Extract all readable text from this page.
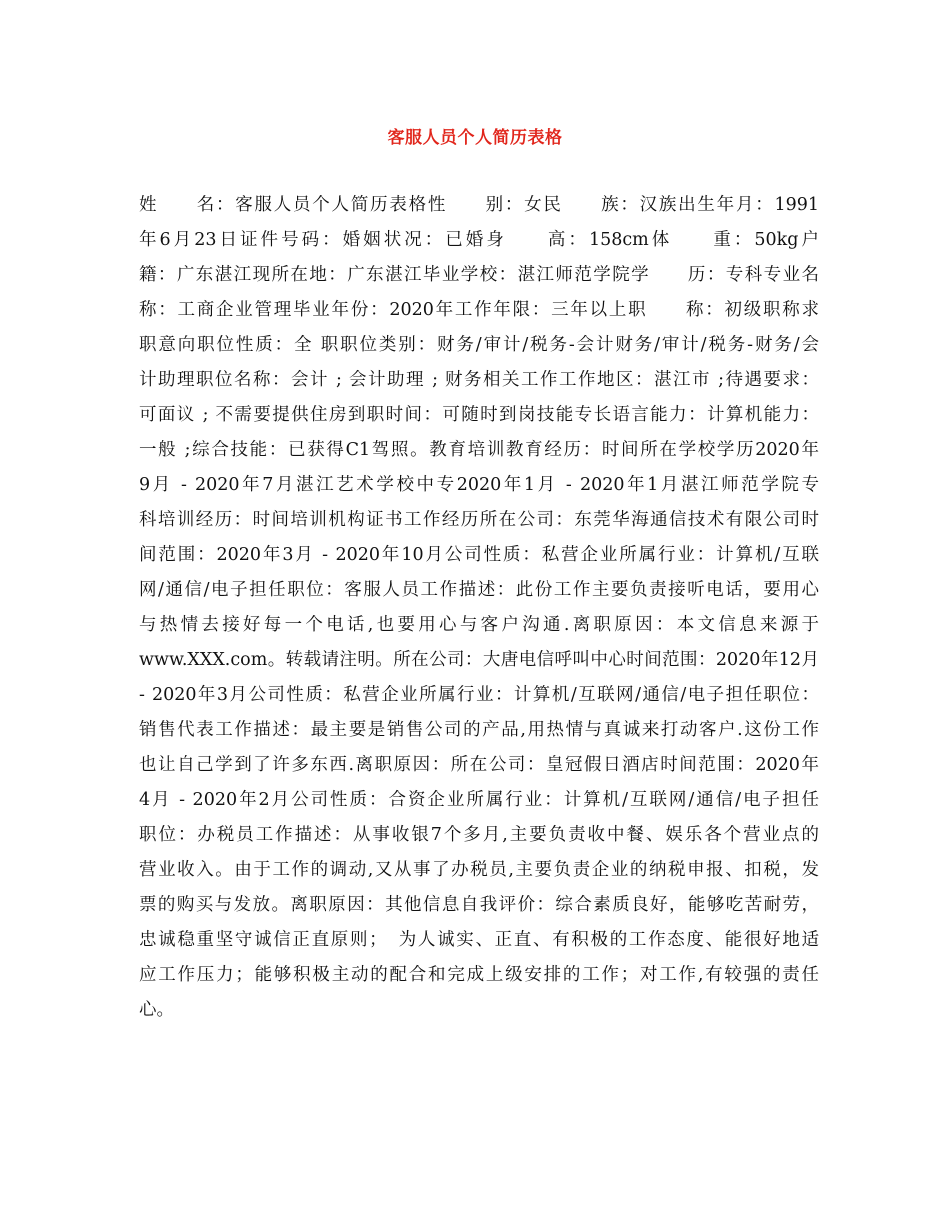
客服人员个人简历表格
姓　　名：客服人员个人简历表格性　　别：女民　　族：汉族出生年月：1991
年6月23日证件号码：婚姻状况：已婚身　　高：158cm体　　重：50kg户
籍：广东湛江现所在地：广东湛江毕业学校：湛江师范学院学　　历：专科专业名
称：工商企业管理毕业年份：2020年工作年限：三年以上职　　称：初级职称求
职意向职位性质：全 职职位类别：财务/审计/税务-会计财务/审计/税务-财务/会
计助理职位名称：会计 ; 会计助理 ; 财务相关工作工作地区：湛江市 ;待遇要求：
可面议 ; 不需要提供住房到职时间：可随时到岗技能专长语言能力：计算机能力：
一般 ;综合技能：已获得C1驾照。教育培训教育经历：时间所在学校学历2020年
9月 - 2020年7月湛江艺术学校中专2020年1月 - 2020年1月湛江师范学院专
科培训经历：时间培训机构证书工作经历所在公司：东莞华海通信技术有限公司时
间范围：2020年3月 - 2020年10月公司性质：私营企业所属行业：计算机/互联
网/通信/电子担任职位：客服人员工作描述：此份工作主要负责接听电话，要用心
与热情去接好每一个电话,也要用心与客户沟通.离职原因：本文信息来源于
www.XXX.com。转载请注明。所在公司：大唐电信呼叫中心时间范围：2020年12月
- 2020年3月公司性质：私营企业所属行业：计算机/互联网/通信/电子担任职位：
销售代表工作描述：最主要是销售公司的产品,用热情与真诚来打动客户.这份工作
也让自己学到了许多东西.离职原因：所在公司：皇冠假日酒店时间范围：2020年
4月 - 2020年2月公司性质：合资企业所属行业：计算机/互联网/通信/电子担任
职位：办税员工作描述：从事收银7个多月,主要负责收中餐、娱乐各个营业点的
营业收入。由于工作的调动,又从事了办税员,主要负责企业的纳税申报、扣税，发
票的购买与发放。离职原因：其他信息自我评价：综合素质良好，能够吃苦耐劳，
忠诚稳重坚守诚信正直原则；　为人诚实、正直、有积极的工作态度、能很好地适
应工作压力；能够积极主动的配合和完成上级安排的工作；对工作,有较强的责任
心。
